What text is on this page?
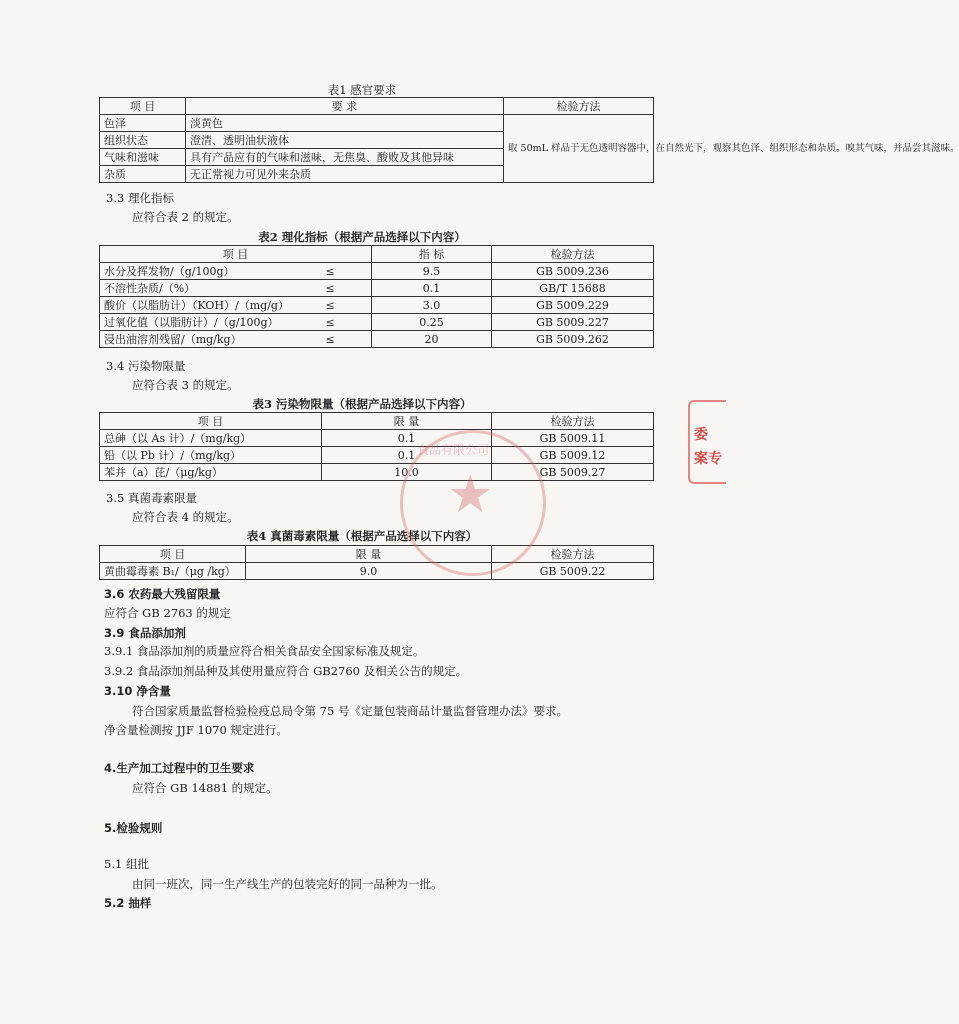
表1 感官要求
项 目	要 求	检验方法
色泽	淡黄色	取 50mL 样品于无色透明容器中，在自然光下，观察其色泽、组织形态和杂质。嗅其气味，并品尝其滋味。
组织状态	澄清、透明油状液体	
气味和滋味	具有产品应有的气味和滋味，无焦臭、酸败及其他异味	
杂质	无正常视力可见外来杂质	
3.3 理化指标
应符合表 2 的规定。
表2 理化指标（根据产品选择以下内容）
项 目		指 标	检验方法
水分及挥发物/（g/100g）	≤	9.5	GB 5009.236
不溶性杂质/（%）	≤	0.1	GB/T 15688
酸价（以脂肪计）（KOH）/（mg/g）	≤	3.0	GB 5009.229
过氧化值（以脂肪计）/（g/100g）	≤	0.25	GB 5009.227
浸出油溶剂残留/（mg/kg）	≤	20	GB 5009.262
3.4 污染物限量
应符合表 3 的规定。
表3 污染物限量（根据产品选择以下内容）
项 目	限 量	检验方法
总砷（以 As 计）/（mg/kg）	0.1	GB 5009.11
铅（以 Pb 计）/（mg/kg）	0.1	GB 5009.12
苯并（a）芘/（μg/kg）	10.0	GB 5009.27
3.5 真菌毒素限量
应符合表 4 的规定。
表4 真菌毒素限量（根据产品选择以下内容）
项 目	限 量	检验方法
黄曲霉毒素 B₁/（μg /kg）	9.0	GB 5009.22
3.6 农药最大残留限量
应符合 GB 2763 的规定
3.9 食品添加剂
3.9.1 食品添加剂的质量应符合相关食品安全国家标准及规定。
3.9.2 食品添加剂品种及其使用量应符合 GB2760 及相关公告的规定。
3.10 净含量
符合国家质量监督检验检疫总局令第 75 号《定量包装商品计量监督管理办法》要求。
净含量检测按 JJF 1070 规定进行。
4.生产加工过程中的卫生要求
应符合 GB 14881 的规定。
5.检验规则
5.1 组批
由同一班次，同一生产线生产的包装完好的同一品种为一批。
5.2 抽样
食品有限公司
★
委
案专
